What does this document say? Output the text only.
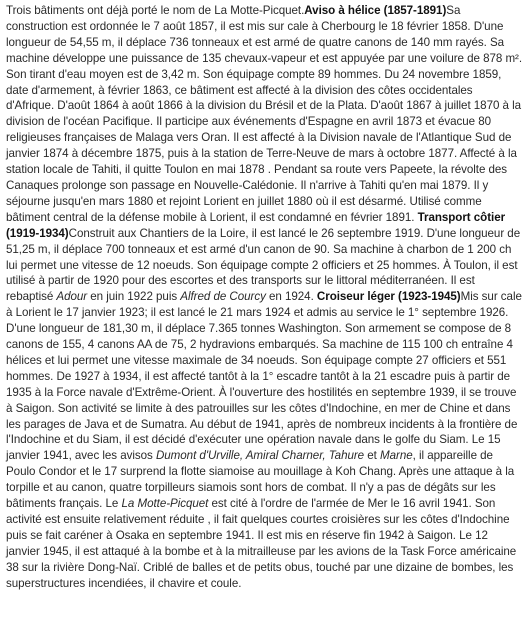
Trois bâtiments ont déjà porté le nom de La Motte-Picquet.Aviso à hélice (1857-1891)Sa construction est ordonnée le 7 août 1857, il est mis sur cale à Cherbourg le 18 février 1858. D'une longueur de 54,55 m, il déplace 736 tonneaux et est armé de quatre canons de 140 mm rayés. Sa machine développe une puissance de 135 chevaux-vapeur et est appuyée par une voilure de 878 m². Son tirant d'eau moyen est de 3,42 m. Son équipage compte 89 hommes. Du 24 novembre 1859, date d'armement, à février 1863, ce bâtiment est affecté à la division des côtes occidentales d'Afrique. D'août 1864 à août 1866 à la division du Brésil et de la Plata. D'août 1867 à juillet 1870 à la division de l'océan Pacifique. Il participe aux événements d'Espagne en avril 1873 et évacue 80 religieuses françaises de Malaga vers Oran. Il est affecté à la Division navale de l'Atlantique Sud de janvier 1874 à décembre 1875, puis à la station de Terre-Neuve de mars à octobre 1877. Affecté à la station locale de Tahiti, il quitte Toulon en mai 1878 . Pendant sa route vers Papeete, la révolte des Canaques prolonge son passage en Nouvelle-Calédonie. Il n'arrive à Tahiti qu'en mai 1879. Il y séjourne jusqu'en mars 1880 et rejoint Lorient en juillet 1880 où il est désarmé. Utilisé comme bâtiment central de la défense mobile à Lorient, il est condamné en février 1891. Transport côtier (1919-1934)Construit aux Chantiers de la Loire, il est lancé le 26 septembre 1919. D'une longueur de 51,25 m, il déplace 700 tonneaux et est armé d'un canon de 90. Sa machine à charbon de 1 200 ch lui permet une vitesse de 12 noeuds. Son équipage compte 2 officiers et 25 hommes. À Toulon, il est utilisé à partir de 1920 pour des escortes et des transports sur le littoral méditerranéen. Il est rebaptisé Adour en juin 1922 puis Alfred de Courcy en 1924. Croiseur léger (1923-1945)Mis sur cale à Lorient le 17 janvier 1923; il est lancé le 21 mars 1924 et admis au service le 1° septembre 1926. D'une longueur de 181,30 m, il déplace 7.365 tonnes Washington. Son armement se compose de 8 canons de 155, 4 canons AA de 75, 2 hydravions embarqués. Sa machine de 115 100 ch entraîne 4 hélices et lui permet une vitesse maximale de 34 noeuds. Son équipage compte 27 officiers et 551 hommes. De 1927 à 1934, il est affecté tantôt à la 1° escadre tantôt à la 21 escadre puis à partir de 1935 à la Force navale d'Extrême-Orient. À l'ouverture des hostilités en septembre 1939, il se trouve à Saigon. Son activité se limite à des patrouilles sur les côtes d'Indochine, en mer de Chine et dans les parages de Java et de Sumatra. Au début de 1941, après de nombreux incidents à la frontière de l'Indochine et du Siam, il est décidé d'exécuter une opération navale dans le golfe du Siam. Le 15 janvier 1941, avec les avisos Dumont d'Urville, Amiral Charner, Tahure et Marne, il appareille de Poulo Condor et le 17 surprend la flotte siamoise au mouillage à Koh Chang. Après une attaque à la torpille et au canon, quatre torpilleurs siamois sont hors de combat. Il n'y a pas de dégâts sur les bâtiments français. Le La Motte-Picquet est cité à l'ordre de l'armée de Mer le 16 avril 1941. Son activité est ensuite relativement réduite , il fait quelques courtes croisières sur les côtes d'Indochine puis se fait caréner à Osaka en septembre 1941. Il est mis en réserve fin 1942 à Saigon. Le 12 janvier 1945, il est attaqué à la bombe et à la mitrailleuse par les avions de la Task Force américaine 38 sur la rivière Dong-Naï. Criblé de balles et de petits obus, touché par une dizaine de bombes, les superstructures incendiées, il chavire et coule.
